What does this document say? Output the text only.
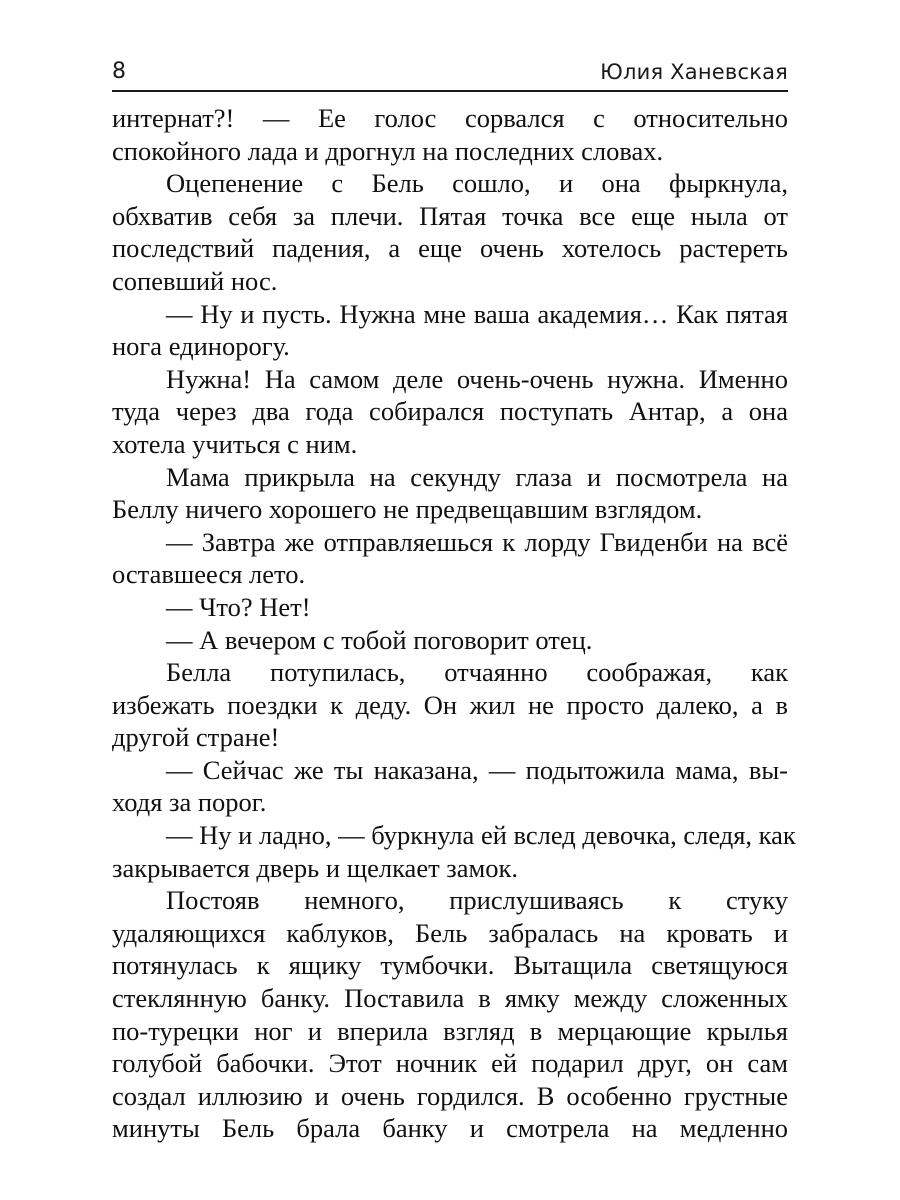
8	Юлия Ханевская
интернат?! — Ее голос сорвался с относительно
спокойного лада и дрогнул на последних словах.
Оцепенение с Бель сошло, и она фыркнула,
обхватив себя за плечи. Пятая точка все еще ныла от
последствий падения, а еще очень хотелось растереть
сопевший нос.
— Ну и пусть. Нужна мне ваша академия… Как пятая
нога единорогу.
Нужна! На самом деле очень-очень нужна. Именно
туда через два года собирался поступать Антар, а она
хотела учиться с ним.
Мама прикрыла на секунду глаза и посмотрела на
Беллу ничего хорошего не предвещавшим взглядом.
— Завтра же отправляешься к лорду Гвиденби на всё
оставшееся лето.
— Что? Нет!
— А вечером с тобой поговорит отец.
Белла потупилась, отчаянно соображая, как
избежать поездки к деду. Он жил не просто далеко, а в
другой стране!
— Сейчас же ты наказана, — подытожила мама, вы-
ходя за порог.
— Ну и ладно, — буркнула ей вслед девочка, следя, как
закрывается дверь и щелкает замок.
Постояв немного, прислушиваясь к стуку
удаляющихся каблуков, Бель забралась на кровать и
потянулась к ящику тумбочки. Вытащила светящуюся
стеклянную банку. Поставила в ямку между сложенных
по-турецки ног и вперила взгляд в мерцающие крылья
голубой бабочки. Этот ночник ей подарил друг, он сам
создал иллюзию и очень гордился. В особенно грустные
минуты Бель брала банку и смотрела на медленно
